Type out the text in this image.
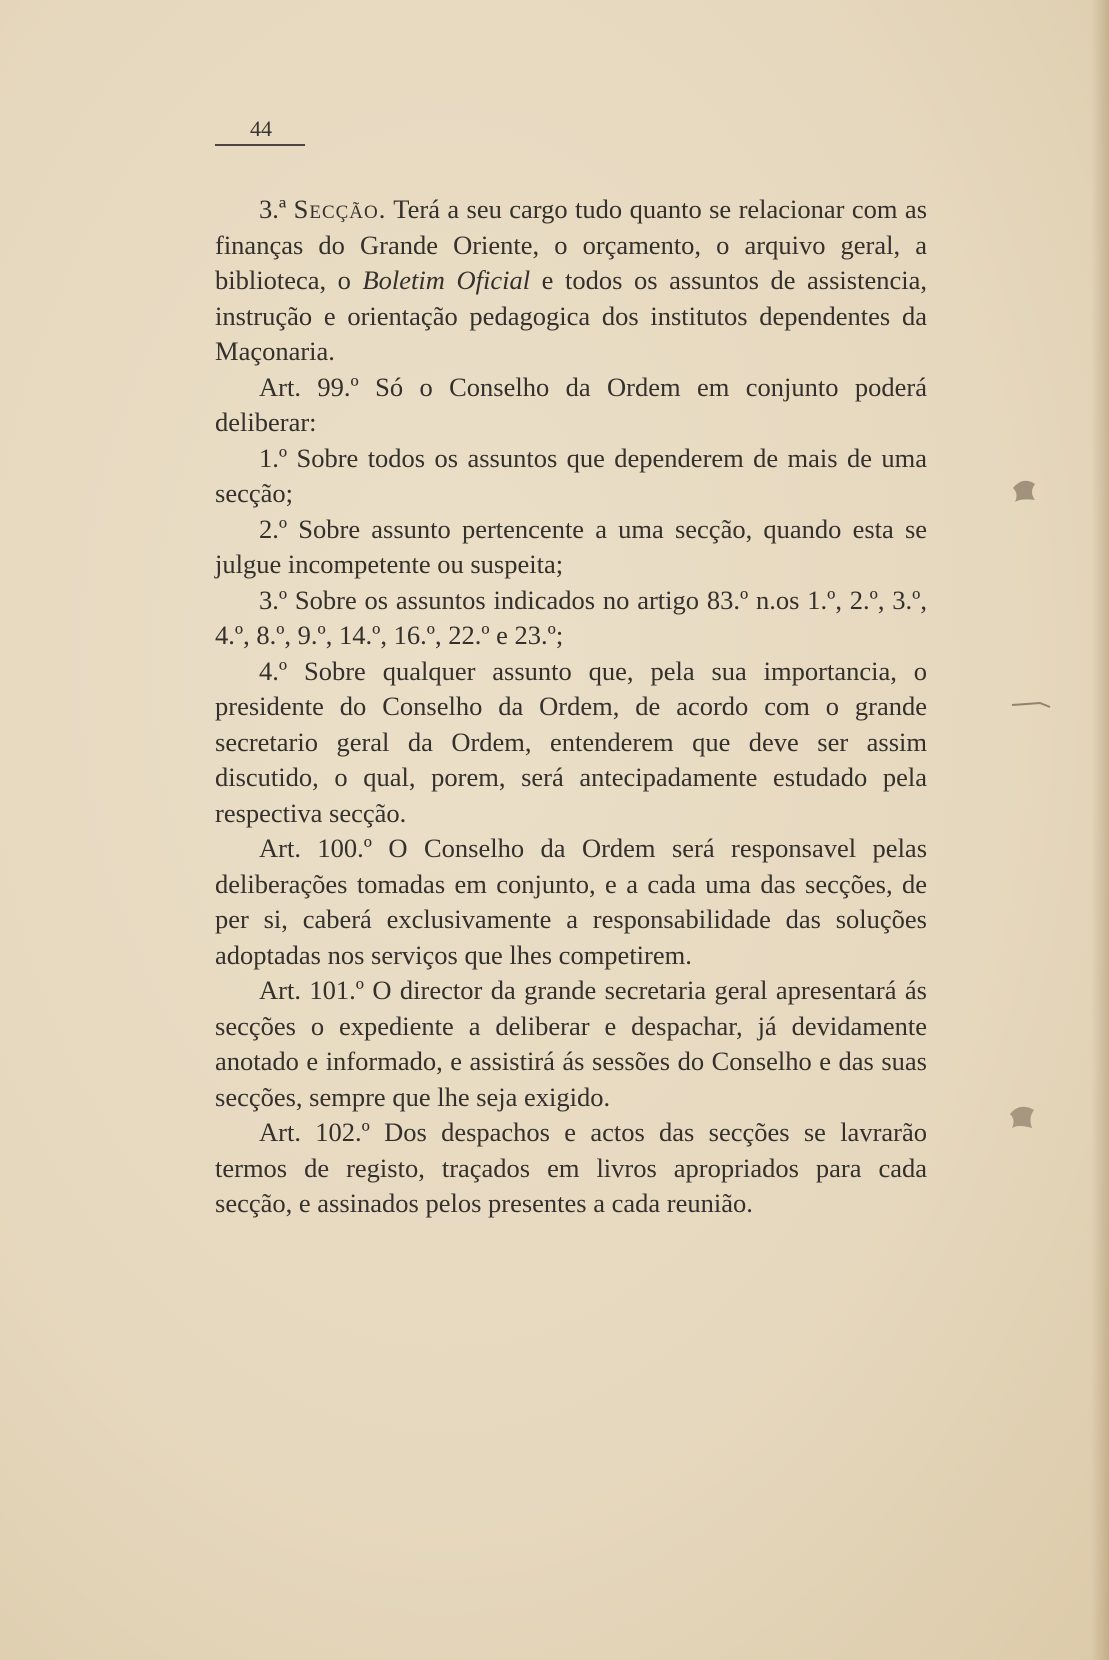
44

3.ª Secção. Terá a seu cargo tudo quanto se relacionar com as finanças do Grande Oriente, o orçamento, o arquivo geral, a biblioteca, o Boletim Oficial e todos os assuntos de assistencia, instrução e orientação pedagogica dos institutos dependentes da Maçonaria.

Art. 99.º Só o Conselho da Ordem em conjunto poderá deliberar:

1.º Sobre todos os assuntos que dependerem de mais de uma secção;

2.º Sobre assunto pertencente a uma secção, quando esta se julgue incompetente ou suspeita;

3.º Sobre os assuntos indicados no artigo 83.º n.os 1.º, 2.º, 3.º, 4.º, 8.º, 9.º, 14.º, 16.º, 22.º e 23.º;

4.º Sobre qualquer assunto que, pela sua importancia, o presidente do Conselho da Ordem, de acordo com o grande secretario geral da Ordem, entenderem que deve ser assim discutido, o qual, porem, será antecipadamente estudado pela respectiva secção.

Art. 100.º O Conselho da Ordem será responsavel pelas deliberações tomadas em conjunto, e a cada uma das secções, de per si, caberá exclusivamente a responsabilidade das soluções adoptadas nos serviços que lhes competirem.

Art. 101.º O director da grande secretaria geral apresentará ás secções o expediente a deliberar e despachar, já devidamente anotado e informado, e assistirá ás sessões do Conselho e das suas secções, sempre que lhe seja exigido.

Art. 102.º Dos despachos e actos das secções se lavrarão termos de registo, traçados em livros apropriados para cada secção, e assinados pelos presentes a cada reunião.
